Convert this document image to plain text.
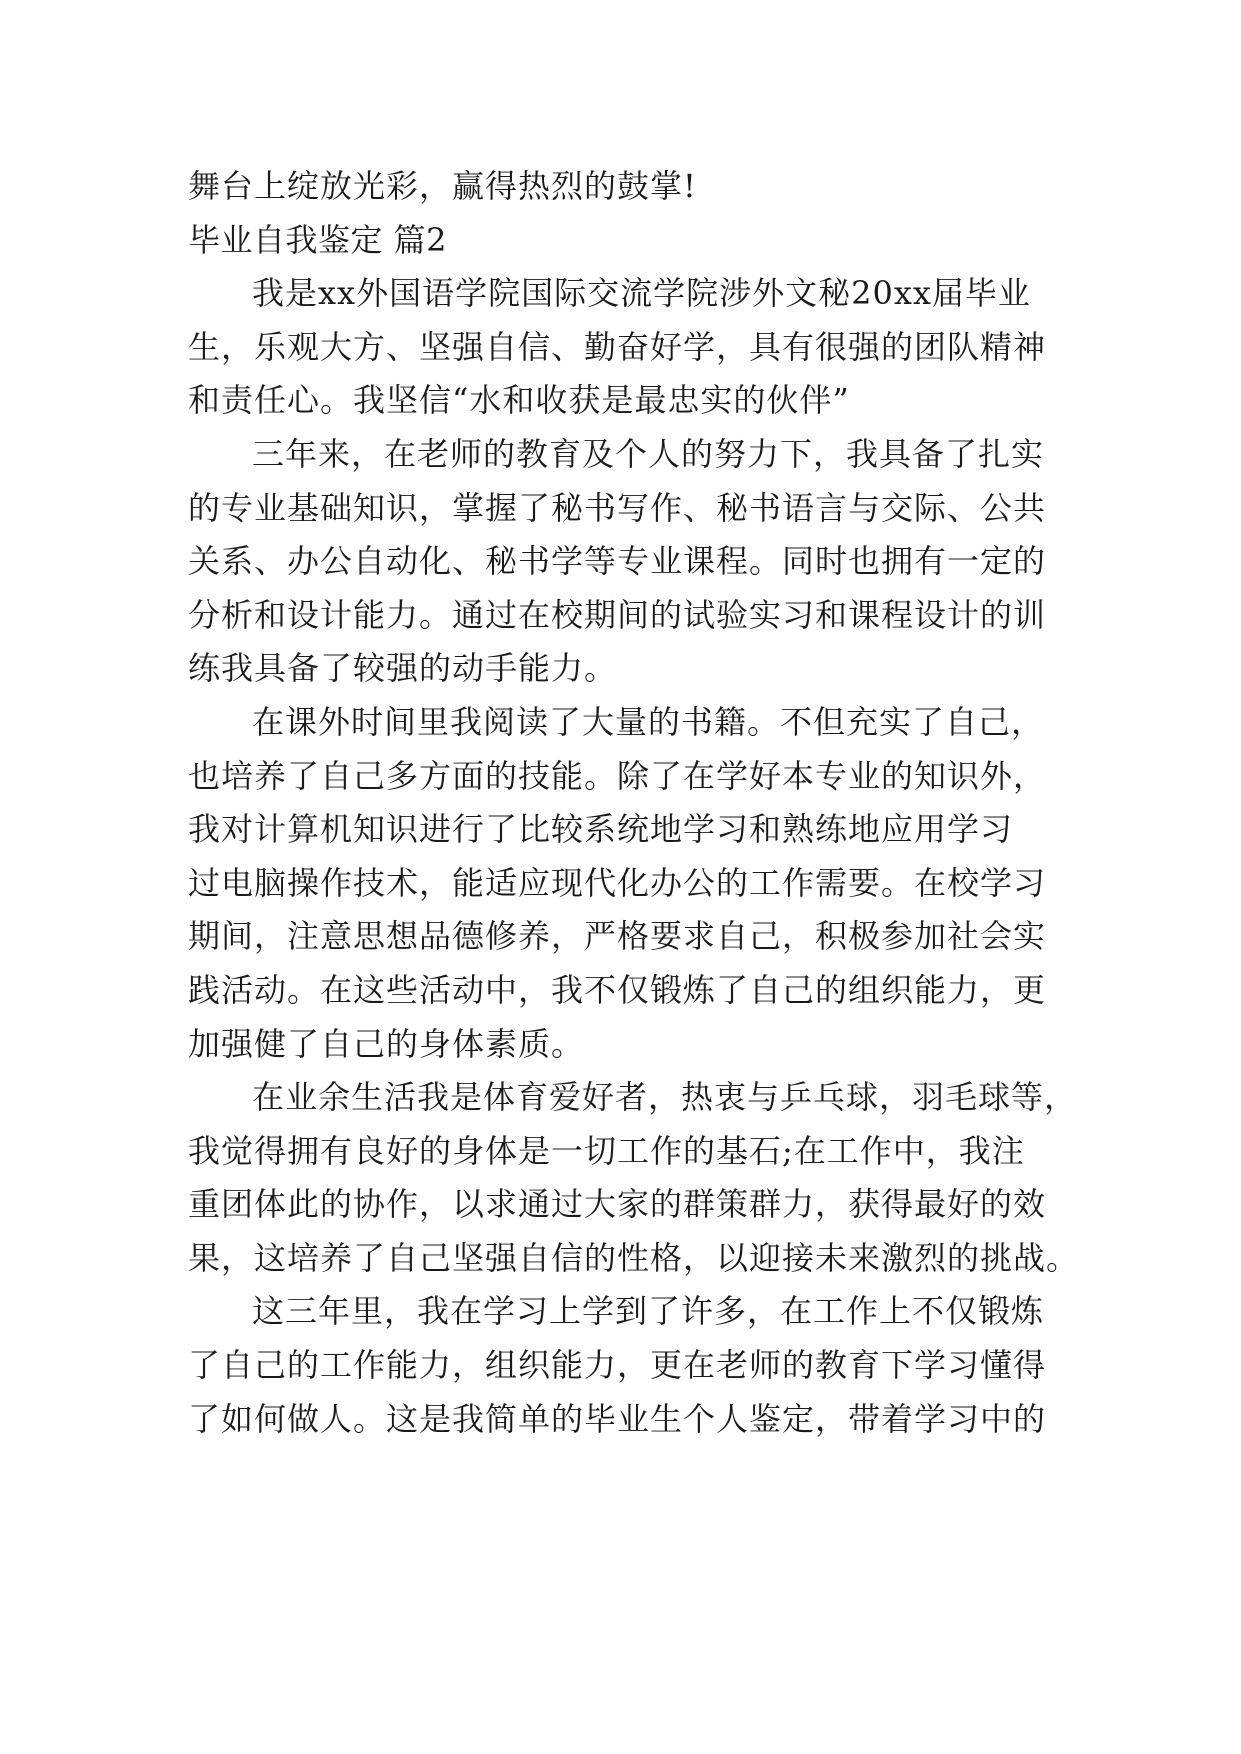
舞台上绽放光彩，赢得热烈的鼓掌!
毕业自我鉴定 篇2
我是xx外国语学院国际交流学院涉外文秘20xx届毕业
生，乐观大方、坚强自信、勤奋好学，具有很强的团队精神
和责任心。我坚信“水和收获是最忠实的伙伴”
三年来，在老师的教育及个人的努力下，我具备了扎实
的专业基础知识，掌握了秘书写作、秘书语言与交际、公共
关系、办公自动化、秘书学等专业课程。同时也拥有一定的
分析和设计能力。通过在校期间的试验实习和课程设计的训
练我具备了较强的动手能力。
在课外时间里我阅读了大量的书籍。不但充实了自己，
也培养了自己多方面的技能。除了在学好本专业的知识外，
我对计算机知识进行了比较系统地学习和熟练地应用学习
过电脑操作技术，能适应现代化办公的工作需要。在校学习
期间，注意思想品德修养，严格要求自己，积极参加社会实
践活动。在这些活动中，我不仅锻炼了自己的组织能力，更
加强健了自己的身体素质。
在业余生活我是体育爱好者，热衷与乒乓球，羽毛球等，
我觉得拥有良好的身体是一切工作的基石;在工作中，我注
重团体此的协作，以求通过大家的群策群力，获得最好的效
果，这培养了自己坚强自信的性格，以迎接未来激烈的挑战。
这三年里，我在学习上学到了许多，在工作上不仅锻炼
了自己的工作能力，组织能力，更在老师的教育下学习懂得
了如何做人。这是我简单的毕业生个人鉴定，带着学习中的
